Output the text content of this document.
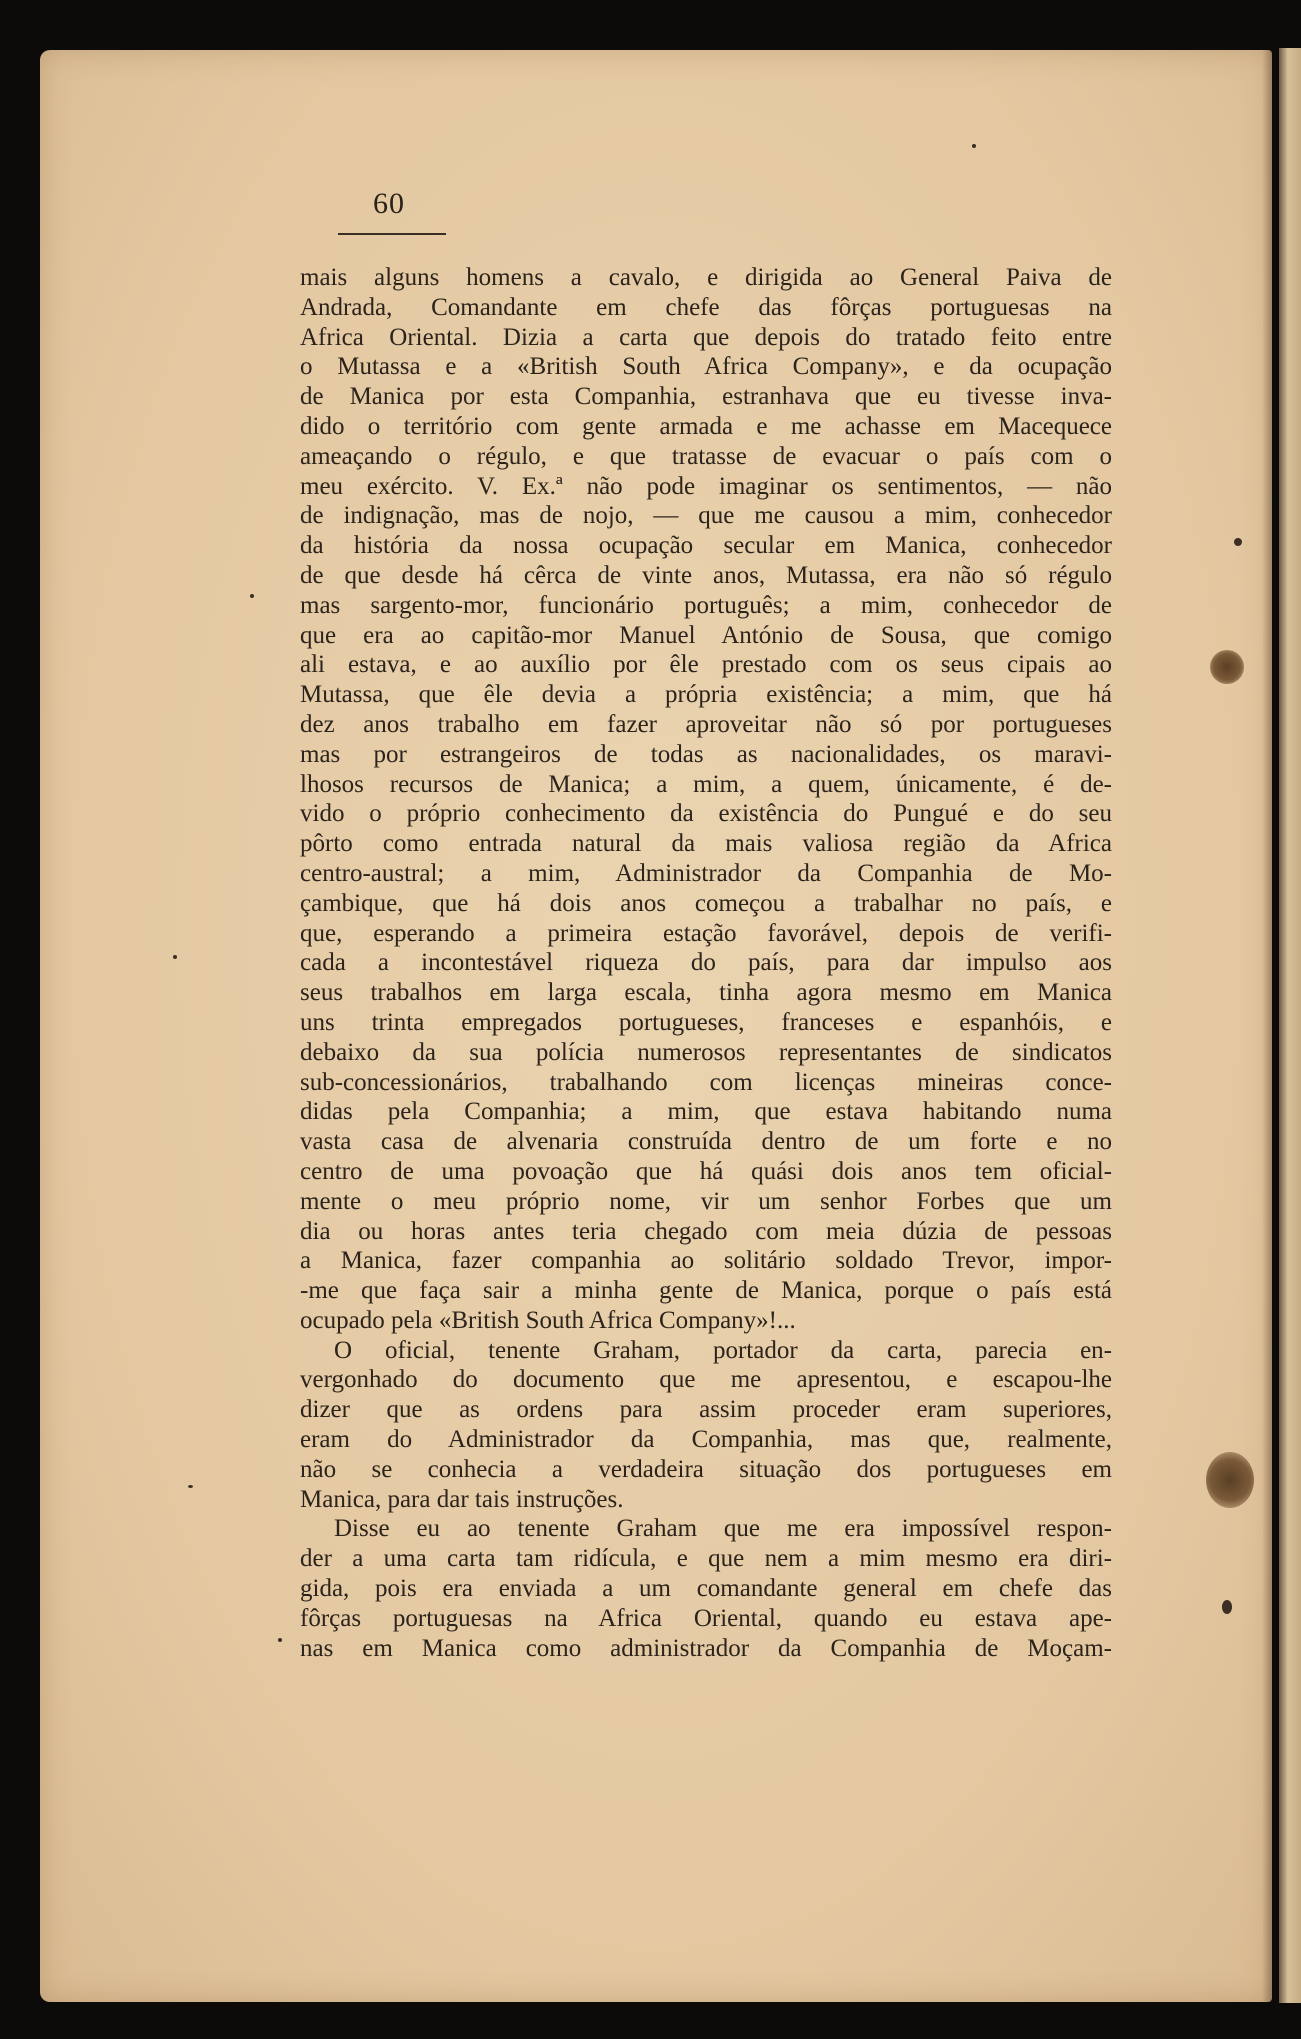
60
mais alguns homens a cavalo, e dirigida ao General Paiva de
Andrada, Comandante em chefe das fôrças portuguesas na
Africa Oriental. Dizia a carta que depois do tratado feito entre
o Mutassa e a «British South Africa Company», e da ocupação
de Manica por esta Companhia, estranhava que eu tivesse inva-
dido o território com gente armada e me achasse em Macequece
ameaçando o régulo, e que tratasse de evacuar o país com o
meu exército. V. Ex.ª não pode imaginar os sentimentos, — não
de indignação, mas de nojo, — que me causou a mim, conhecedor
da história da nossa ocupação secular em Manica, conhecedor
de que desde há cêrca de vinte anos, Mutassa, era não só régulo
mas sargento-mor, funcionário português; a mim, conhecedor de
que era ao capitão-mor Manuel António de Sousa, que comigo
ali estava, e ao auxílio por êle prestado com os seus cipais ao
Mutassa, que êle devia a própria existência; a mim, que há
dez anos trabalho em fazer aproveitar não só por portugueses
mas por estrangeiros de todas as nacionalidades, os maravi-
lhosos recursos de Manica; a mim, a quem, únicamente, é de-
vido o próprio conhecimento da existência do Pungué e do seu
pôrto como entrada natural da mais valiosa região da Africa
centro-austral; a mim, Administrador da Companhia de Mo-
çambique, que há dois anos começou a trabalhar no país, e
que, esperando a primeira estação favorável, depois de verifi-
cada a incontestável riqueza do país, para dar impulso aos
seus trabalhos em larga escala, tinha agora mesmo em Manica
uns trinta empregados portugueses, franceses e espanhóis, e
debaixo da sua polícia numerosos representantes de sindicatos
sub-concessionários, trabalhando com licenças mineiras conce-
didas pela Companhia; a mim, que estava habitando numa
vasta casa de alvenaria construída dentro de um forte e no
centro de uma povoação que há quási dois anos tem oficial-
mente o meu próprio nome, vir um senhor Forbes que um
dia ou horas antes teria chegado com meia dúzia de pessoas
a Manica, fazer companhia ao solitário soldado Trevor, impor-
-me que faça sair a minha gente de Manica, porque o país está
ocupado pela «British South Africa Company»!...
O oficial, tenente Graham, portador da carta, parecia en-
vergonhado do documento que me apresentou, e escapou-lhe
dizer que as ordens para assim proceder eram superiores,
eram do Administrador da Companhia, mas que, realmente,
não se conhecia a verdadeira situação dos portugueses em
Manica, para dar tais instruções.
Disse eu ao tenente Graham que me era impossível respon-
der a uma carta tam ridícula, e que nem a mim mesmo era diri-
gida, pois era enviada a um comandante general em chefe das
fôrças portuguesas na Africa Oriental, quando eu estava ape-
nas em Manica como administrador da Companhia de Moçam-
